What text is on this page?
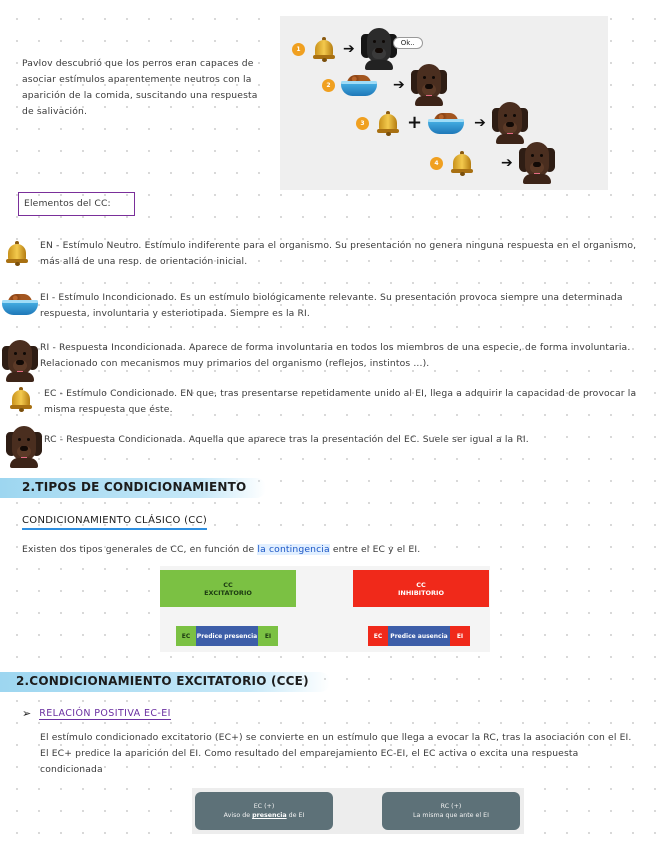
Pavlov descubrió que los perros eran capaces de asociar estímulos aparentemente neutros con la aparición de la comida, suscitando una respuesta de salivación.
1	➔	Ok..
2	➔
3 +	➔
4	➔
Elementos del CC:
EN - Estímulo Neutro. Estímulo indiferente para el organismo. Su presentación no genera ninguna respuesta en el organismo, más allá de una resp. de orientación inicial.
EI - Estímulo Incondicionado. Es un estímulo biológicamente relevante. Su presentación provoca siempre una determinada respuesta, involuntaria y esteriotipada. Siempre es la RI.
RI - Respuesta Incondicionada. Aparece de forma involuntaria en todos los miembros de una especie, de forma involuntaria. Relacionado con mecanismos muy primarios del organismo (reflejos, instintos ...).
EC - Estímulo Condicionado. EN que, tras presentarse repetidamente unido al EI, llega a adquirir la capacidad de provocar la misma respuesta que éste.
RC - Respuesta Condicionada. Aquella que aparece tras la presentación del EC. Suele ser igual a la RI.
2.TIPOS DE CONDICIONAMIENTO
CONDICIONAMIENTO CLÁSICO (CC)
Existen dos tipos generales de CC, en función de la contingencia entre el EC y el EI.
CC
EXCITATORIO
CC
INHIBITORIO
EC	Predice presencia	EI	EC	Predice ausencia	EI
2.CONDICIONAMIENTO EXCITATORIO (CCE)
➢ RELACIÓN POSITIVA EC-EI
El estímulo condicionado excitatorio (EC+) se convierte en un estímulo que llega a evocar la RC, tras la asociación con el EI. El EC+ predice la aparición del EI. Como resultado del emparejamiento EC-EI, el EC activa o excita una respuesta condicionada
EC (+)
Aviso de presencia de EI
RC (+)
La misma que ante el EI
